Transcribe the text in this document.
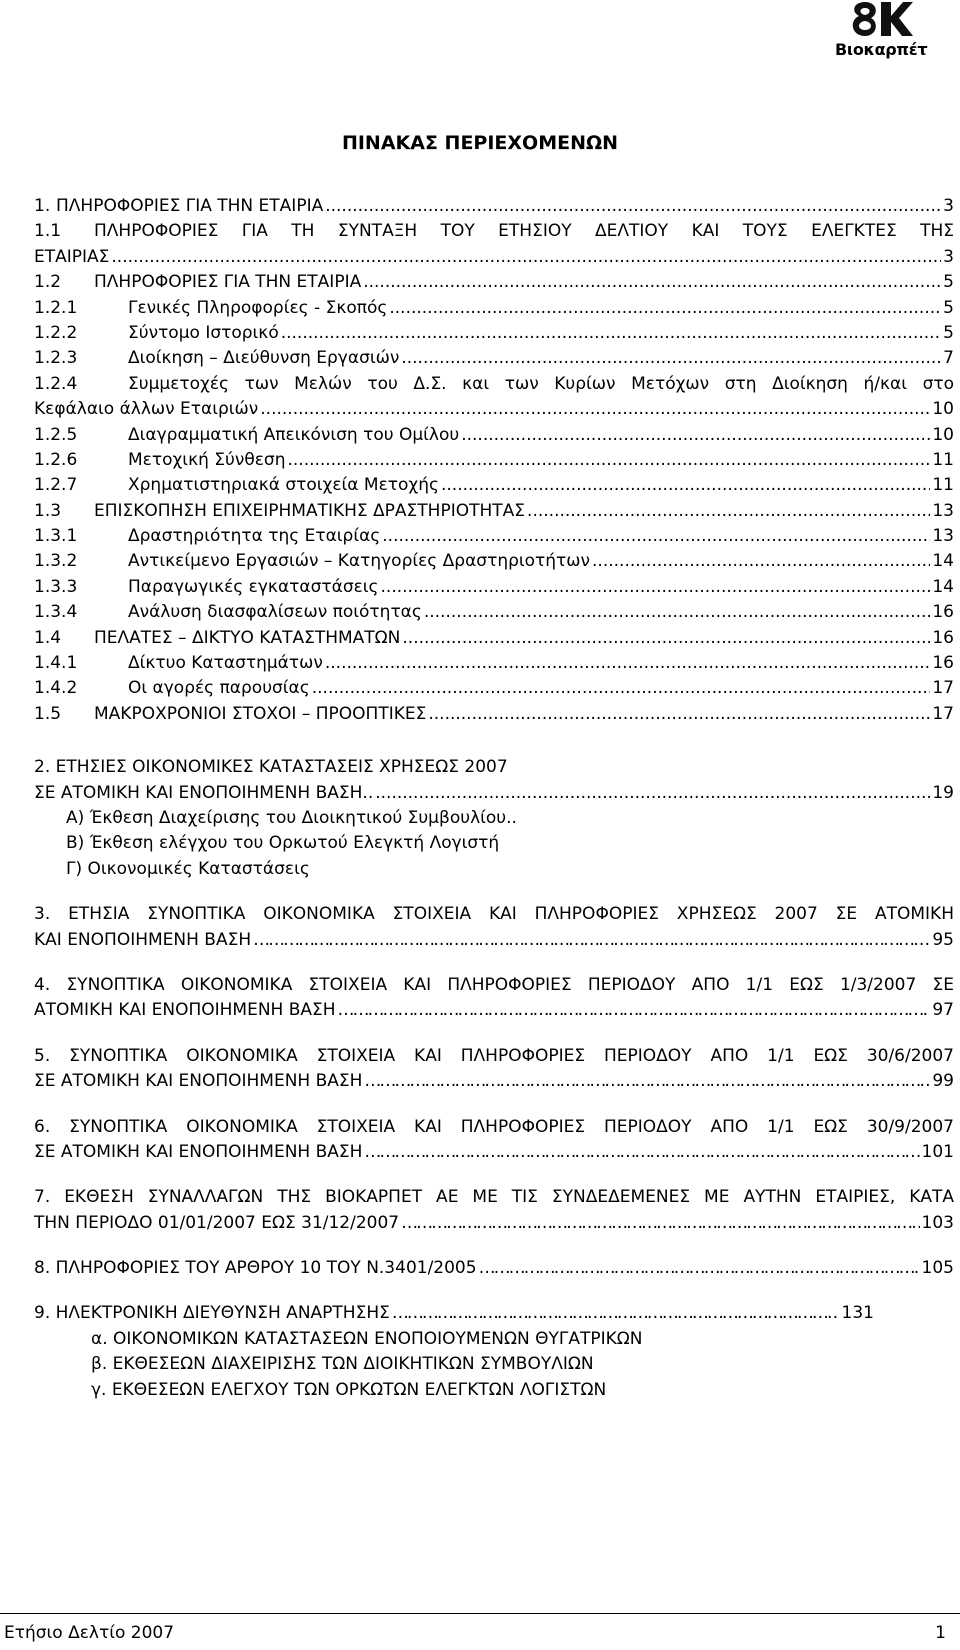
Βιοκαρπέτ
ΠΙΝΑΚΑΣ ΠΕΡΙΕΧΟΜΕΝΩΝ
1. ΠΛΗΡΟΦΟΡΙΕΣ ΓΙΑ ΤΗΝ ΕΤΑΙΡΙΑ .....	3
1.1	ΠΛΗΡΟΦΟΡΙΕΣ ΓΙΑ ΤΗ ΣΥΝΤΑΞΗ ΤΟΥ ΕΤΗΣΙΟΥ ΔΕΛΤΙΟΥ ΚΑΙ ΤΟΥΣ ΕΛΕΓΚΤΕΣ ΤΗΣ
ΕΤΑΙΡΙΑΣ .....	3
1.2	ΠΛΗΡΟΦΟΡΙΕΣ ΓΙΑ ΤΗΝ ΕΤΑΙΡΙΑ .....	5
1.2.1	Γενικές Πληροφορίες - Σκοπός .....	5
1.2.2	Σύντομο Ιστορικό .....	5
1.2.3	Διοίκηση – Διεύθυνση Εργασιών .....	7
1.2.4	Συμμετοχές των Μελών του Δ.Σ. και των Κυρίων Μετόχων στη Διοίκηση ή/και στο
Κεφάλαιο άλλων Εταιριών .....	10
1.2.5	Διαγραμματική Απεικόνιση του Ομίλου .....	10
1.2.6	Μετοχική Σύνθεση .....	11
1.2.7	Χρηματιστηριακά στοιχεία Μετοχής .....	11
1.3	ΕΠΙΣΚΟΠΗΣΗ ΕΠΙΧΕΙΡΗΜΑΤΙΚΗΣ ΔΡΑΣΤΗΡΙΟΤΗΤΑΣ .....	13
1.3.1	Δραστηριότητα της Εταιρίας .....	13
1.3.2	Αντικείμενο Εργασιών – Κατηγορίες Δραστηριοτήτων .....	14
1.3.3	Παραγωγικές εγκαταστάσεις .....	14
1.3.4	Ανάλυση διασφαλίσεων ποιότητας .....	16
1.4	ΠΕΛΑΤΕΣ – ΔΙΚΤΥΟ ΚΑΤΑΣΤΗΜΑΤΩΝ .....	16
1.4.1	Δίκτυο Καταστημάτων .....	16
1.4.2	Οι αγορές παρουσίας .....	17
1.5	ΜΑΚΡΟΧΡΟΝΙΟΙ ΣΤΟΧΟΙ – ΠΡΟΟΠΤΙΚΕΣ .....	17
2. ΕΤΗΣΙΕΣ ΟΙΚΟΝΟΜΙΚΕΣ ΚΑΤΑΣΤΑΣΕΙΣ ΧΡΗΣΕΩΣ 2007
ΣΕ ΑΤΟΜΙΚΗ ΚΑΙ ΕΝΟΠΟΙΗΜΕΝΗ ΒΑΣΗ.. .....	19
Α) Έκθεση Διαχείρισης του Διοικητικού Συμβουλίου..
Β) Έκθεση ελέγχου του Ορκωτού Ελεγκτή Λογιστή
Γ) Οικονομικές Καταστάσεις
3. ΕΤΗΣΙΑ ΣΥΝΟΠΤΙΚΑ ΟΙΚΟΝΟΜΙΚΑ ΣΤΟΙΧΕΙΑ ΚΑΙ ΠΛΗΡΟΦΟΡΙΕΣ ΧΡΗΣΕΩΣ 2007 ΣΕ ΑΤΟΜΙΚΗ
ΚΑΙ ΕΝΟΠΟΙΗΜΕΝΗ ΒΑΣΗ …………………………………………………………………………………………………………………………………………………………………………	95
4. ΣΥΝΟΠΤΙΚΑ ΟΙΚΟΝΟΜΙΚΑ ΣΤΟΙΧΕΙΑ ΚΑΙ ΠΛΗΡΟΦΟΡΙΕΣ ΠΕΡΙΟΔΟΥ ΑΠΟ 1/1 ΕΩΣ 1/3/2007 ΣΕ
ΑΤΟΜΙΚΗ ΚΑΙ ΕΝΟΠΟΙΗΜΕΝΗ ΒΑΣΗ …………………………………………………………………………………………………………………………………………………………………………	97
5. ΣΥΝΟΠΤΙΚΑ ΟΙΚΟΝΟΜΙΚΑ ΣΤΟΙΧΕΙΑ ΚΑΙ ΠΛΗΡΟΦΟΡΙΕΣ ΠΕΡΙΟΔΟΥ ΑΠΟ 1/1 ΕΩΣ 30/6/2007
ΣΕ ΑΤΟΜΙΚΗ ΚΑΙ ΕΝΟΠΟΙΗΜΕΝΗ ΒΑΣΗ …………………………………………………………………………………………………………………………………………………………………………	99
6. ΣΥΝΟΠΤΙΚΑ ΟΙΚΟΝΟΜΙΚΑ ΣΤΟΙΧΕΙΑ ΚΑΙ ΠΛΗΡΟΦΟΡΙΕΣ ΠΕΡΙΟΔΟΥ ΑΠΟ 1/1 ΕΩΣ 30/9/2007
ΣΕ ΑΤΟΜΙΚΗ ΚΑΙ ΕΝΟΠΟΙΗΜΕΝΗ ΒΑΣΗ …………………………………………………………………………………………………………………………………………………………………………	101
7. ΕΚΘΕΣΗ ΣΥΝΑΛΛΑΓΩΝ ΤΗΣ ΒΙΟΚΑΡΠΕΤ ΑΕ ΜΕ ΤΙΣ ΣΥΝΔΕΔΕΜΕΝΕΣ ΜΕ ΑΥΤΗΝ ΕΤΑΙΡΙΕΣ, ΚΑΤΑ
ΤΗΝ ΠΕΡΙΟΔΟ 01/01/2007 ΕΩΣ 31/12/2007 …………………………………………………………………………………………………………………………………………………………………………	103
8. ΠΛΗΡΟΦΟΡΙΕΣ ΤΟΥ ΑΡΘΡΟΥ 10 ΤΟΥ Ν.3401/2005 …………………………………………………………………………………………………………………………………………………………………………	105
9. ΗΛΕΚΤΡΟΝΙΚΗ ΔΙΕΥΘΥΝΣΗ ΑΝΑΡΤΗΣΗΣ …………………………………………………………………………………………………………………………………………………………………………	131
α. ΟΙΚΟΝΟΜΙΚΩΝ ΚΑΤΑΣΤΑΣΕΩΝ ΕΝΟΠΟΙΟΥΜΕΝΩΝ ΘΥΓΑΤΡΙΚΩΝ
β. ΕΚΘΕΣΕΩΝ ΔΙΑΧΕΙΡΙΣΗΣ ΤΩΝ ΔΙΟΙΚΗΤΙΚΩΝ ΣΥΜΒΟΥΛΙΩΝ
γ. ΕΚΘΕΣΕΩΝ ΕΛΕΓΧΟΥ ΤΩΝ ΟΡΚΩΤΩΝ ΕΛΕΓΚΤΩΝ ΛΟΓΙΣΤΩΝ
Ετήσιο Δελτίο 2007	1
